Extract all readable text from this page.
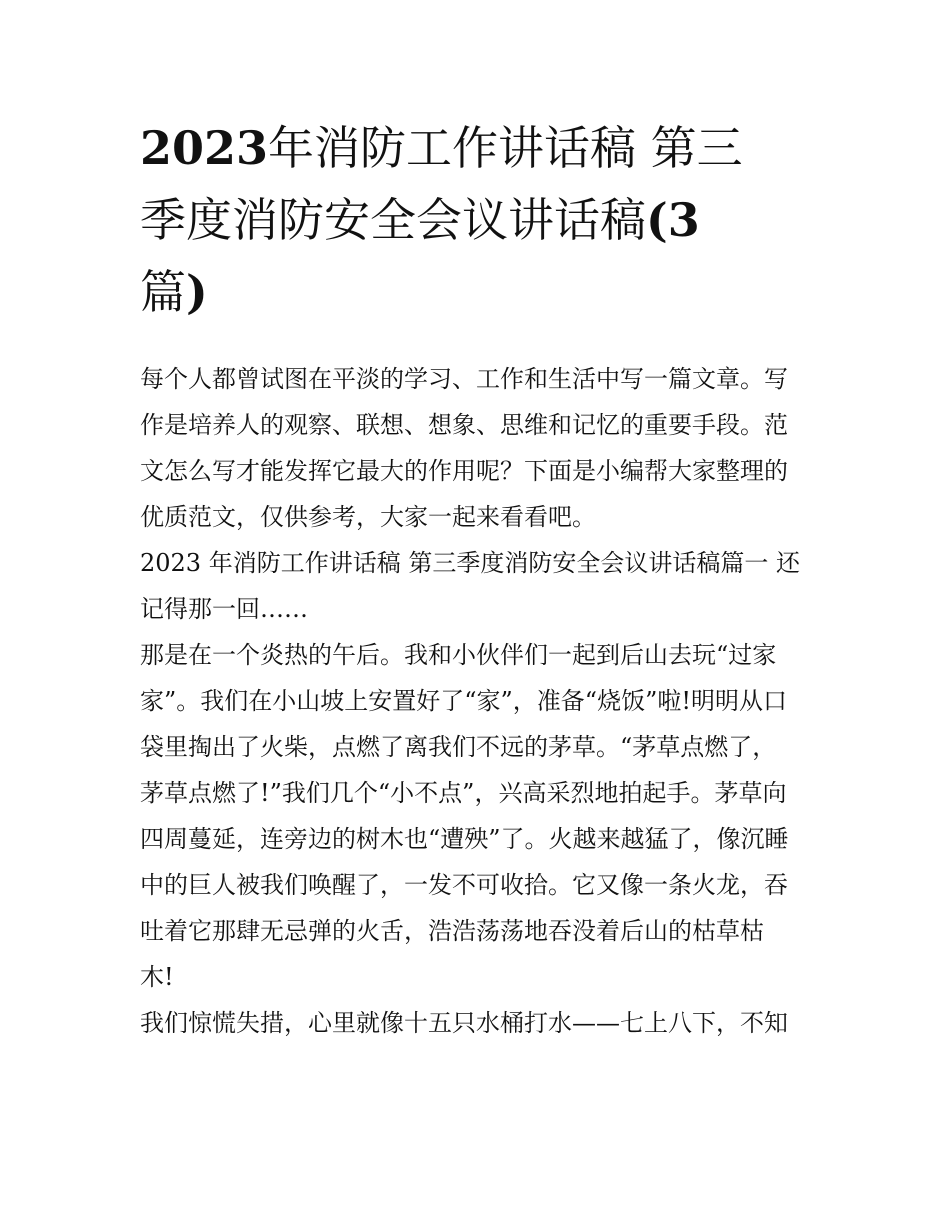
2023年消防工作讲话稿 第三
季度消防安全会议讲话稿(3
篇)

每个人都曾试图在平淡的学习、工作和生活中写一篇文章。写
作是培养人的观察、联想、想象、思维和记忆的重要手段。范
文怎么写才能发挥它最大的作用呢？下面是小编帮大家整理的
优质范文，仅供参考，大家一起来看看吧。

2023 年消防工作讲话稿 第三季度消防安全会议讲话稿篇一 还
记得那一回……

那是在一个炎热的午后。我和小伙伴们一起到后山去玩“过家
家”。我们在小山坡上安置好了“家”，准备“烧饭”啦!明明从口
袋里掏出了火柴，点燃了离我们不远的茅草。“茅草点燃了，
茅草点燃了!”我们几个“小不点”，兴高采烈地拍起手。茅草向
四周蔓延，连旁边的树木也“遭殃”了。火越来越猛了，像沉睡
中的巨人被我们唤醒了，一发不可收拾。它又像一条火龙，吞
吐着它那肆无忌弹的火舌，浩浩荡荡地吞没着后山的枯草枯
木!

我们惊慌失措，心里就像十五只水桶打水——七上八下，不知
